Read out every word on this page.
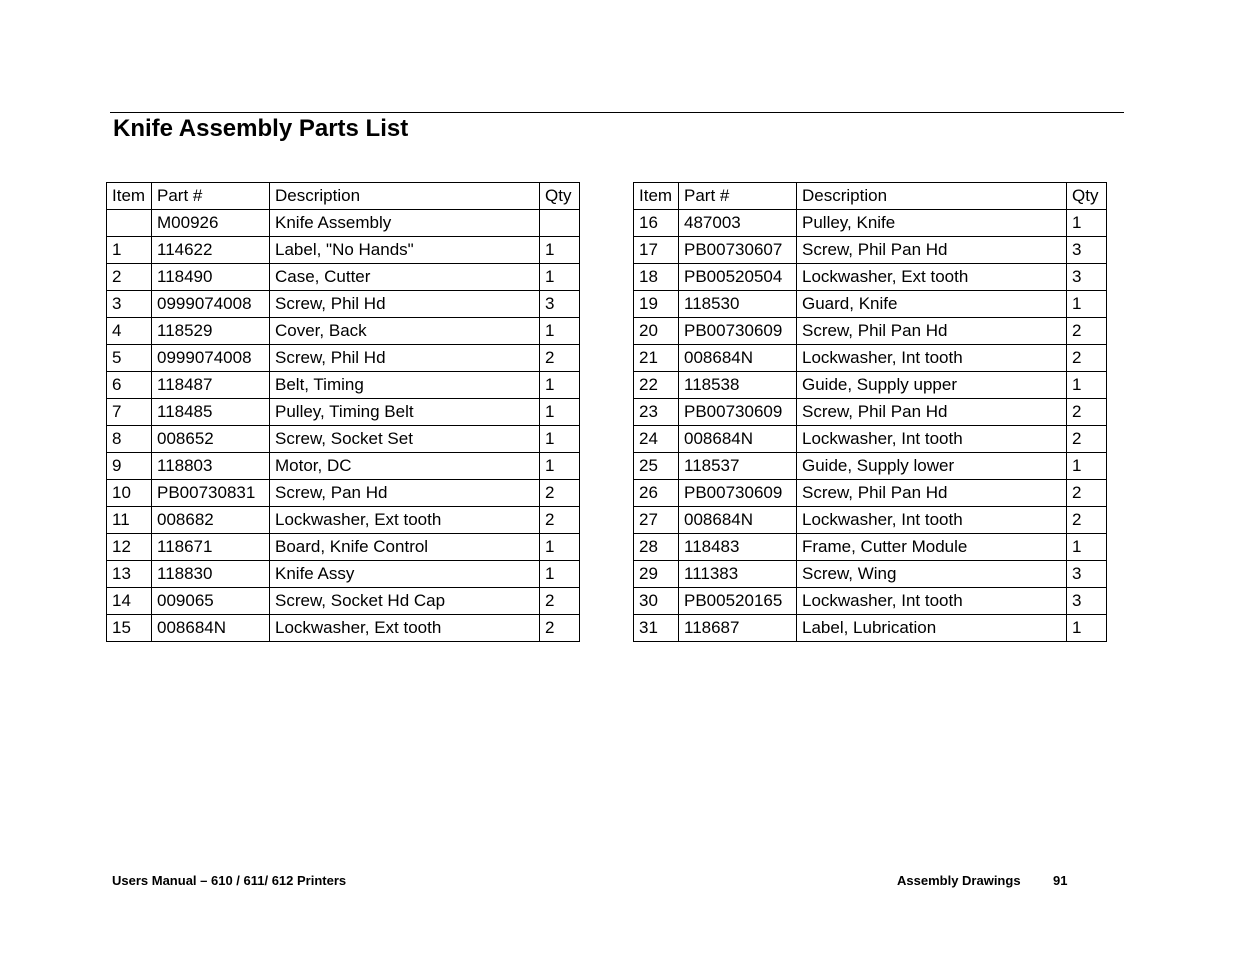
Knife Assembly Parts List
Item	Part #	Description	Qty
	M00926	Knife Assembly	
1	114622	Label, "No Hands"	1
2	118490	Case, Cutter	1
3	0999074008	Screw, Phil Hd	3
4	118529	Cover, Back	1
5	0999074008	Screw, Phil Hd	2
6	118487	Belt, Timing	1
7	118485	Pulley, Timing Belt	1
8	008652	Screw, Socket Set	1
9	118803	Motor, DC	1
10	PB00730831	Screw, Pan Hd	2
11	008682	Lockwasher, Ext tooth	2
12	118671	Board, Knife Control	1
13	118830	Knife Assy	1
14	009065	Screw, Socket Hd Cap	2
15	008684N	Lockwasher, Ext tooth	2
Item	Part #	Description	Qty
16	487003	Pulley, Knife	1
17	PB00730607	Screw, Phil Pan Hd	3
18	PB00520504	Lockwasher, Ext tooth	3
19	118530	Guard, Knife	1
20	PB00730609	Screw, Phil Pan Hd	2
21	008684N	Lockwasher, Int tooth	2
22	118538	Guide, Supply upper	1
23	PB00730609	Screw, Phil Pan Hd	2
24	008684N	Lockwasher, Int tooth	2
25	118537	Guide, Supply lower	1
26	PB00730609	Screw, Phil Pan Hd	2
27	008684N	Lockwasher, Int tooth	2
28	118483	Frame, Cutter Module	1
29	111383	Screw, Wing	3
30	PB00520165	Lockwasher, Int tooth	3
31	118687	Label, Lubrication	1
Users Manual – 610 / 611/ 612 Printers	Assembly Drawings 91
